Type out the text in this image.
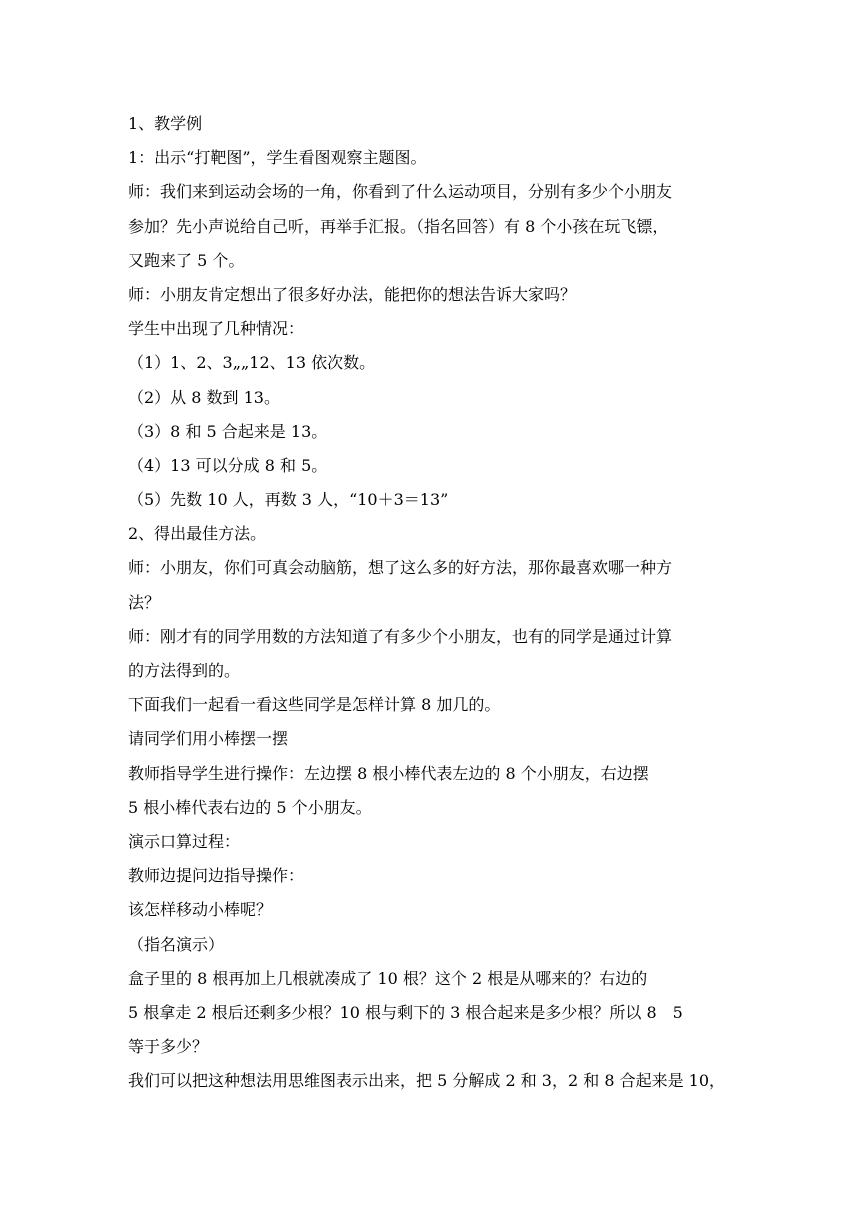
1、教学例

1：出示“打靶图”，学生看图观察主题图。

师：我们来到运动会场的一角，你看到了什么运动项目，分别有多少个小朋友

参加？先小声说给自己听，再举手汇报。（指名回答）有 8 个小孩在玩飞镖，

又跑来了 5 个。

师：小朋友肯定想出了很多好办法，能把你的想法告诉大家吗？

学生中出现了几种情况：

（1）1、2、3„„12、13 依次数。

（2）从 8 数到 13。

（3）8 和 5 合起来是 13。

（4）13 可以分成 8 和 5。

（5）先数 10 人，再数 3 人，“10＋3＝13”

2、得出最佳方法。

师：小朋友，你们可真会动脑筋，想了这么多的好方法，那你最喜欢哪一种方

法？

师：刚才有的同学用数的方法知道了有多少个小朋友，也有的同学是通过计算

的方法得到的。

下面我们一起看一看这些同学是怎样计算 8 加几的。

请同学们用小棒摆一摆

教师指导学生进行操作：左边摆 8 根小棒代表左边的 8 个小朋友，右边摆

5 根小棒代表右边的 5 个小朋友。

演示口算过程：

教师边提问边指导操作：

该怎样移动小棒呢？

（指名演示）

盒子里的 8 根再加上几根就凑成了 10 根？这个 2 根是从哪来的？右边的

5 根拿走 2 根后还剩多少根？10 根与剩下的 3 根合起来是多少根？所以 8　5

等于多少？

我们可以把这种想法用思维图表示出来，把 5 分解成 2 和 3，2 和 8 合起来是 10，
